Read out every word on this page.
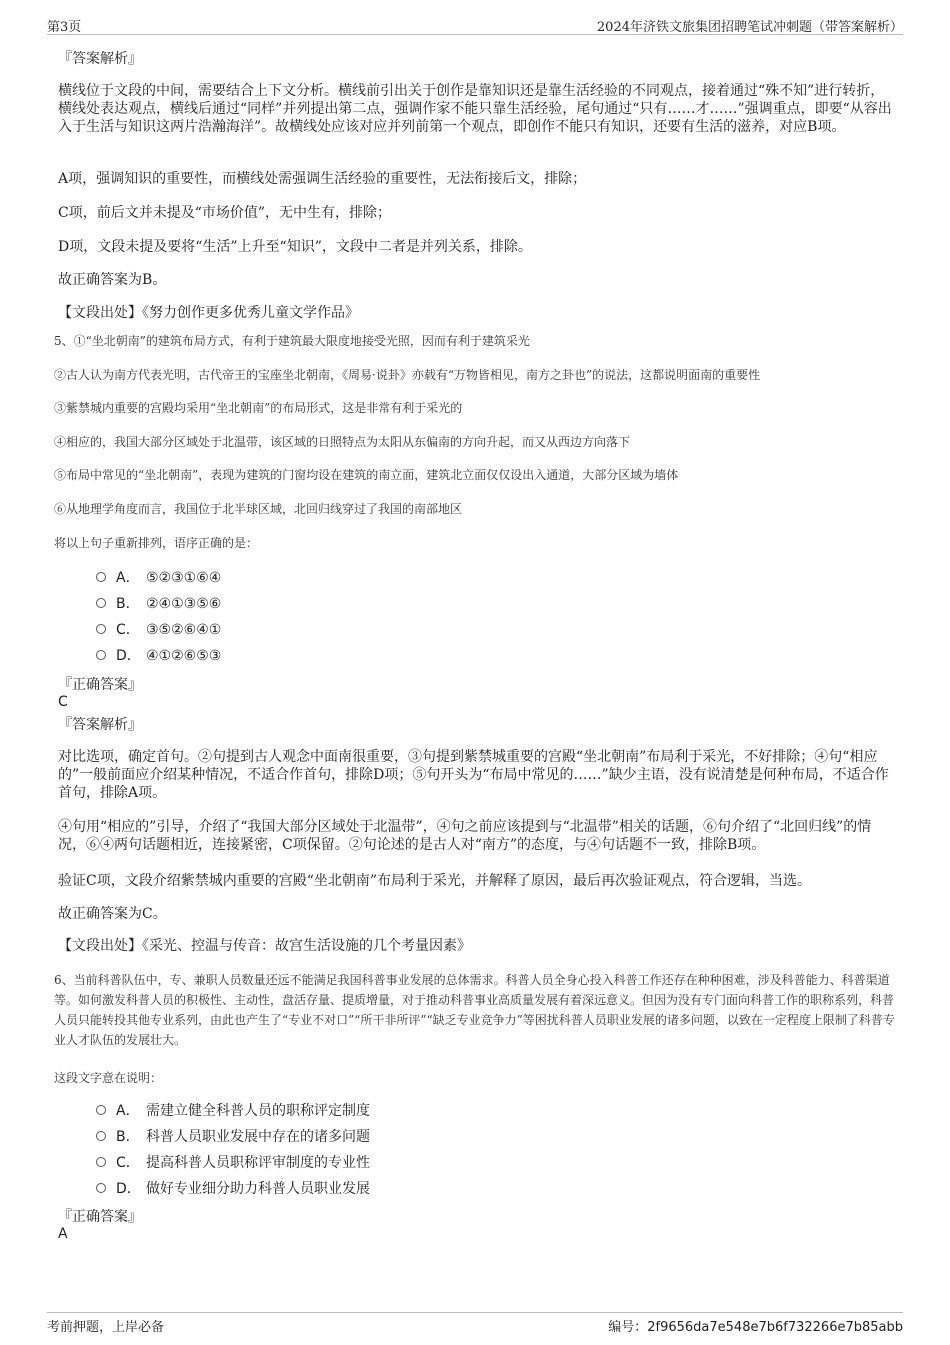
第3页	2024年济铁文旅集团招聘笔试冲刺题（带答案解析）

『答案解析』

横线位于文段的中间，需要结合上下文分析。横线前引出关于创作是靠知识还是靠生活经验的不同观点，接着通过“殊不知”进行转折，横线处表达观点，横线后通过“同样”并列提出第二点，强调作家不能只靠生活经验，尾句通过“只有……才……”强调重点，即要“从容出入于生活与知识这两片浩瀚海洋”。故横线处应该对应并列前第一个观点，即创作不能只有知识，还要有生活的滋养，对应B项。

A项，强调知识的重要性，而横线处需强调生活经验的重要性，无法衔接后文，排除；

C项，前后文并未提及“市场价值”，无中生有，排除；

D项，文段未提及要将“生活”上升至“知识”，文段中二者是并列关系，排除。

故正确答案为B。

【文段出处】《努力创作更多优秀儿童文学作品》

5、①“坐北朝南”的建筑布局方式，有利于建筑最大限度地接受光照，因而有利于建筑采光

②古人认为南方代表光明，古代帝王的宝座坐北朝南，《周易·说卦》亦载有“万物皆相见，南方之卦也”的说法，这都说明面南的重要性

③紫禁城内重要的宫殿均采用“坐北朝南”的布局形式，这是非常有利于采光的

④相应的，我国大部分区域处于北温带，该区域的日照特点为太阳从东偏南的方向升起，而又从西边方向落下

⑤布局中常见的“坐北朝南”，表现为建筑的门窗均设在建筑的南立面，建筑北立面仅仅设出入通道，大部分区域为墙体

⑥从地理学角度而言，我国位于北半球区域，北回归线穿过了我国的南部地区

将以上句子重新排列，语序正确的是：

A． ⑤②③①⑥④
B． ②④①③⑤⑥
C． ③⑤②⑥④①
D． ④①②⑥⑤③

『正确答案』

C

『答案解析』

对比选项，确定首句。②句提到古人观念中面南很重要，③句提到紫禁城重要的宫殿“坐北朝南”布局利于采光，不好排除；④句“相应的”一般前面应介绍某种情况，不适合作首句，排除D项；⑤句开头为“布局中常见的……”缺少主语，没有说清楚是何种布局，不适合作首句，排除A项。

④句用“相应的”引导，介绍了“我国大部分区域处于北温带”，④句之前应该提到与“北温带”相关的话题，⑥句介绍了“北回归线”的情况，⑥④两句话题相近，连接紧密，C项保留。②句论述的是古人对“南方”的态度，与④句话题不一致，排除B项。

验证C项，文段介绍紫禁城内重要的宫殿“坐北朝南”布局利于采光，并解释了原因，最后再次验证观点，符合逻辑，当选。

故正确答案为C。

【文段出处】《采光、控温与传音：故宫生活设施的几个考量因素》

6、当前科普队伍中，专、兼职人员数量还远不能满足我国科普事业发展的总体需求。科普人员全身心投入科普工作还存在种种困难，涉及科普能力、科普渠道等。如何激发科普人员的积极性、主动性，盘活存量、提质增量，对于推动科普事业高质量发展有着深远意义。但因为没有专门面向科普工作的职称系列，科普人员只能转投其他专业系列，由此也产生了“专业不对口”“所干非所评”“缺乏专业竞争力”等困扰科普人员职业发展的诸多问题，以致在一定程度上限制了科普专业人才队伍的发展壮大。

这段文字意在说明：

A． 需建立健全科普人员的职称评定制度
B． 科普人员职业发展中存在的诸多问题
C． 提高科普人员职称评审制度的专业性
D． 做好专业细分助力科普人员职业发展

『正确答案』

A

考前押题，上岸必备	编号：2f9656da7e548e7b6f732266e7b85abb
